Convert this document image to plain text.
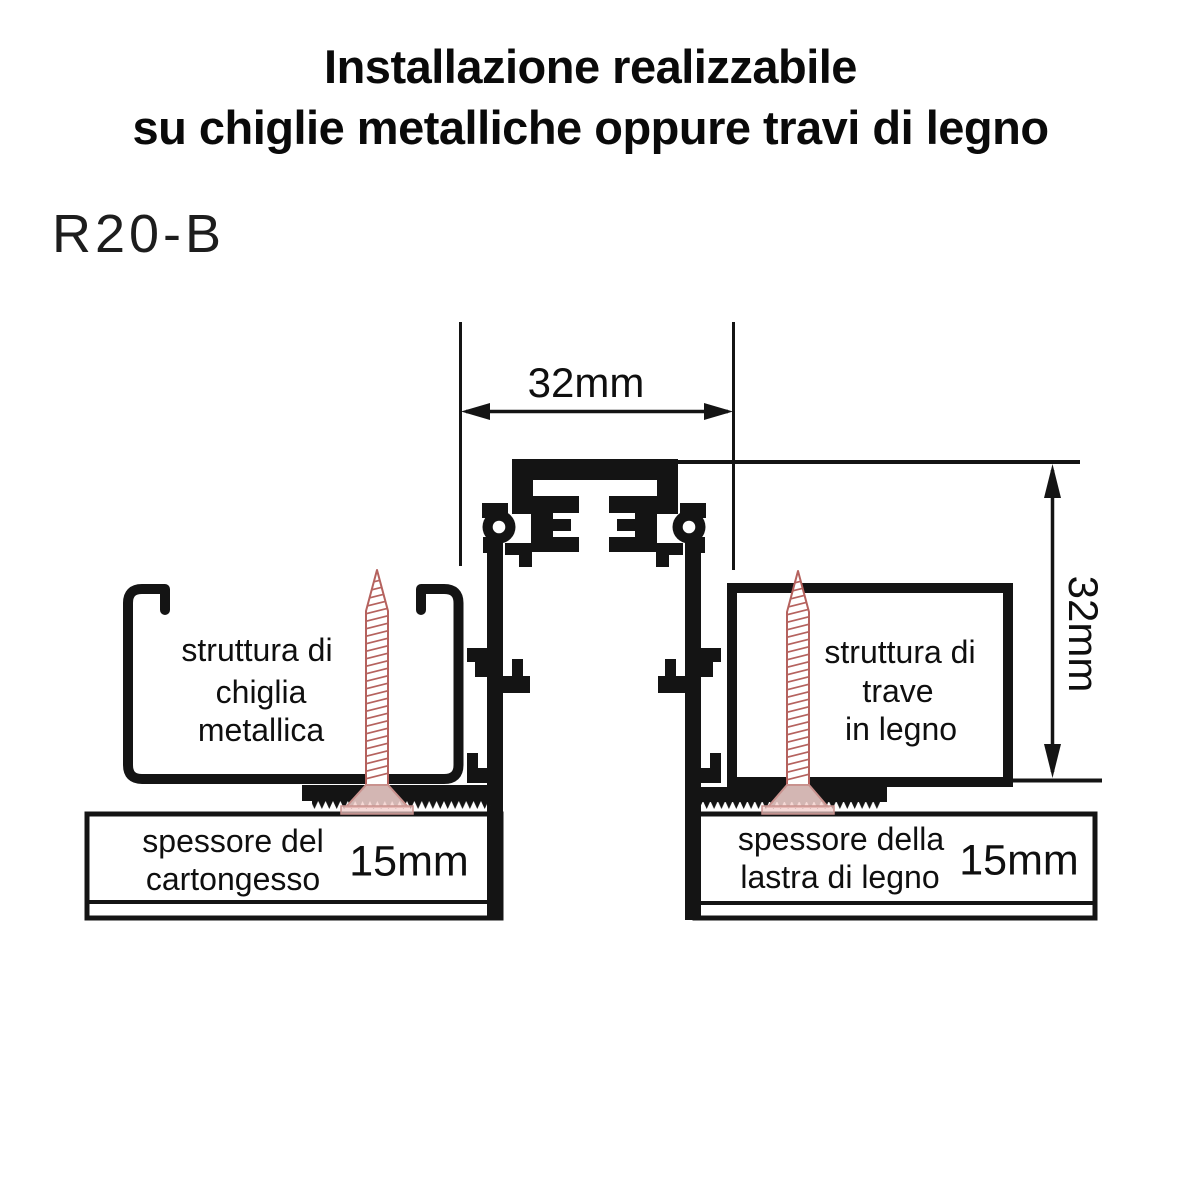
Installazione realizzabile
su chiglie metalliche oppure travi di legno
R20-B
32mm
32mm
struttura di
chiglia
metallica
struttura di
trave
in legno
spessore del
cartongesso 15mm	spessore della
lastra di legno 15mm
